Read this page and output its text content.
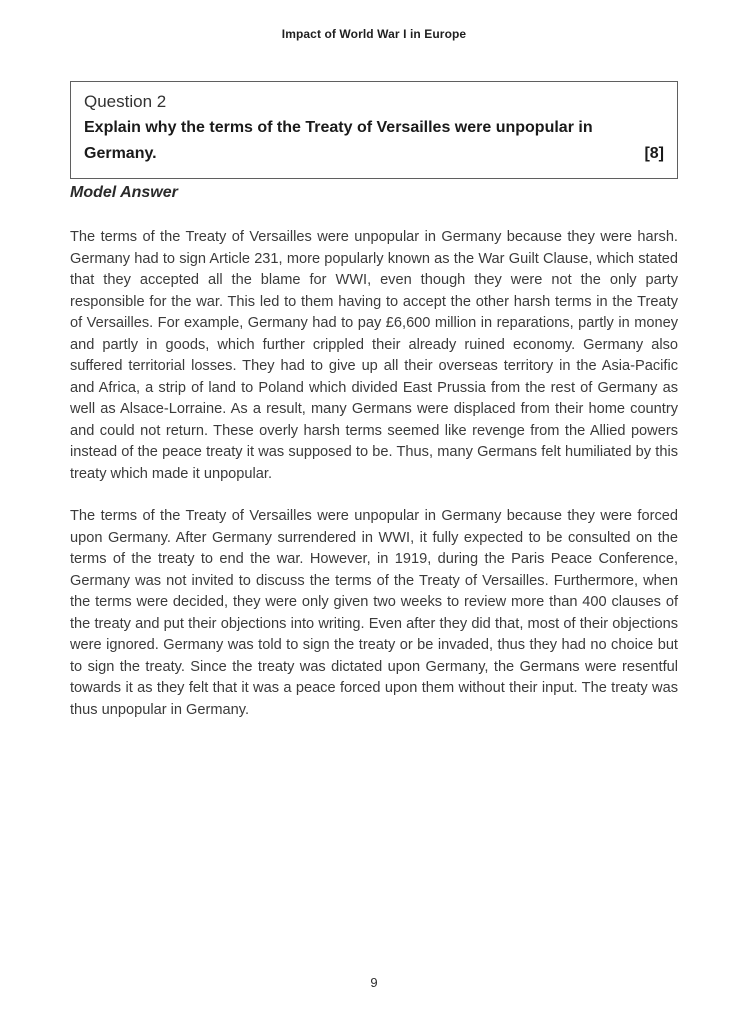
Impact of World War I in Europe
Question 2
Explain why the terms of the Treaty of Versailles were unpopular in Germany.	[8]
Model Answer

The terms of the Treaty of Versailles were unpopular in Germany because they were harsh. Germany had to sign Article 231, more popularly known as the War Guilt Clause, which stated that they accepted all the blame for WWI, even though they were not the only party responsible for the war. This led to them having to accept the other harsh terms in the Treaty of Versailles. For example, Germany had to pay £6,600 million in reparations, partly in money and partly in goods, which further crippled their already ruined economy. Germany also suffered territorial losses. They had to give up all their overseas territory in the Asia-Pacific and Africa, a strip of land to Poland which divided East Prussia from the rest of Germany as well as Alsace-Lorraine. As a result, many Germans were displaced from their home country and could not return. These overly harsh terms seemed like revenge from the Allied powers instead of the peace treaty it was supposed to be. Thus, many Germans felt humiliated by this treaty which made it unpopular.

The terms of the Treaty of Versailles were unpopular in Germany because they were forced upon Germany. After Germany surrendered in WWI, it fully expected to be consulted on the terms of the treaty to end the war. However, in 1919, during the Paris Peace Conference, Germany was not invited to discuss the terms of the Treaty of Versailles. Furthermore, when the terms were decided, they were only given two weeks to review more than 400 clauses of the treaty and put their objections into writing. Even after they did that, most of their objections were ignored. Germany was told to sign the treaty or be invaded, thus they had no choice but to sign the treaty. Since the treaty was dictated upon Germany, the Germans were resentful towards it as they felt that it was a peace forced upon them without their input. The treaty was thus unpopular in Germany.

9
